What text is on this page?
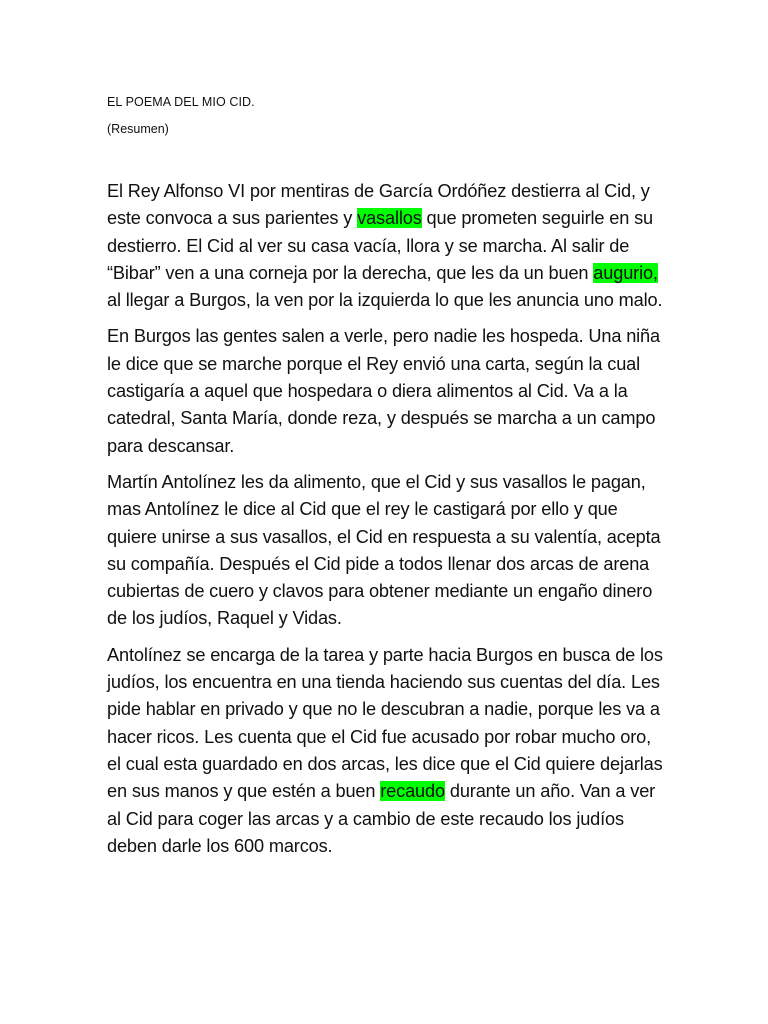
EL POEMA DEL MIO CID.

(Resumen)

El Rey Alfonso VI por mentiras de García Ordóñez destierra al Cid, y este convoca a sus parientes y vasallos que prometen seguirle en su destierro. El Cid al ver su casa vacía, llora y se marcha. Al salir de “Bibar” ven a una corneja por la derecha, que les da un buen augurio, al llegar a Burgos, la ven por la izquierda lo que les anuncia uno malo.

En Burgos las gentes salen a verle, pero nadie les hospeda. Una niña le dice que se marche porque el Rey envió una carta, según la cual castigaría a aquel que hospedara o diera alimentos al Cid. Va a la catedral, Santa María, donde reza, y después se marcha a un campo para descansar.

Martín Antolínez les da alimento, que el Cid y sus vasallos le pagan, mas Antolínez le dice al Cid que el rey le castigará por ello y que quiere unirse a sus vasallos, el Cid en respuesta a su valentía, acepta su compañía. Después el Cid pide a todos llenar dos arcas de arena cubiertas de cuero y clavos para obtener mediante un engaño dinero de los judíos, Raquel y Vidas.

Antolínez se encarga de la tarea y parte hacia Burgos en busca de los judíos, los encuentra en una tienda haciendo sus cuentas del día. Les pide hablar en privado y que no le descubran a nadie, porque les va a hacer ricos. Les cuenta que el Cid fue acusado por robar mucho oro, el cual esta guardado en dos arcas, les dice que el Cid quiere dejarlas en sus manos y que estén a buen recaudo durante un año. Van a ver al Cid para coger las arcas y a cambio de este recaudo los judíos deben darle los 600 marcos.
